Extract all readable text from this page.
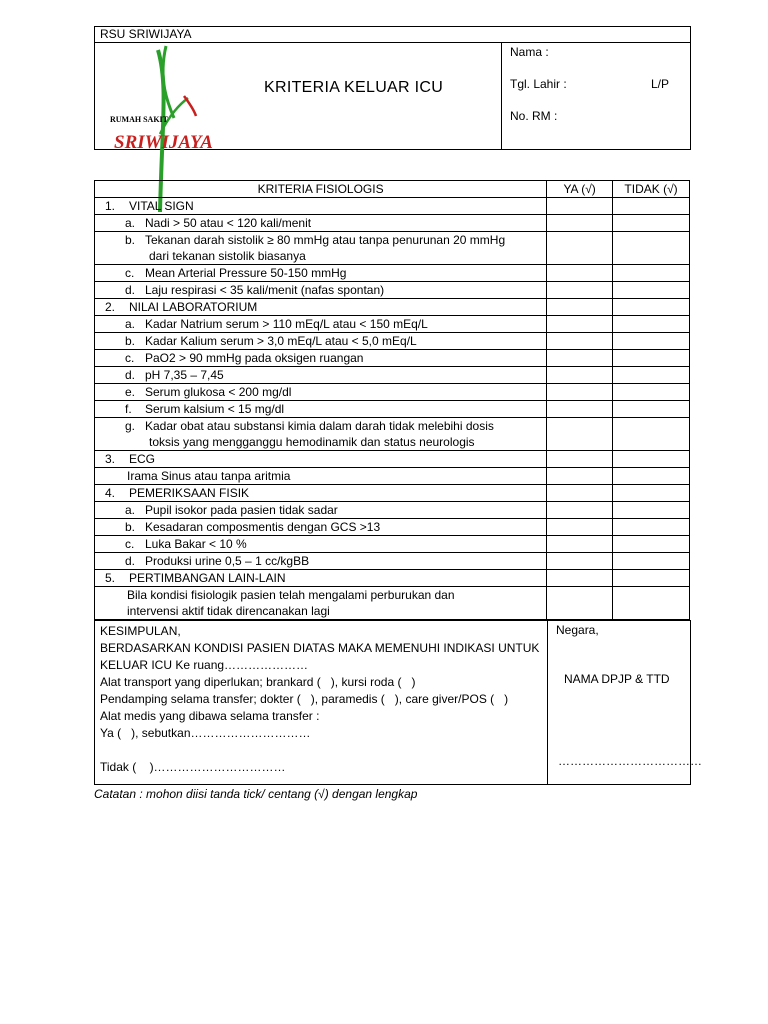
RSU SRIWIJAYA
RUMAH SAKIT
SRIWIJAYA
KRITERIA KELUAR ICU
Nama :
Tgl. Lahir :	L/P
No. RM :
KRITERIA FISIOLOGIS	YA (√)	TIDAK (√)
1. VITAL SIGN		

a. Nadi > 50 atau < 120 kali/menit		

b. Tekanan darah sistolik ≥ 80 mmHg atau tanpa penurunan 20 mmHg
dari tekanan sistolik biasanya		

c. Mean Arterial Pressure 50-150 mmHg		

d. Laju respirasi < 35 kali/menit (nafas spontan)		

2. NILAI LABORATORIUM		

a. Kadar Natrium serum > 110 mEq/L atau < 150 mEq/L		

b. Kadar Kalium serum > 3,0 mEq/L atau < 5,0 mEq/L		

c. PaO2 > 90 mmHg pada oksigen ruangan		

d. pH 7,35 – 7,45		

e. Serum glukosa < 200 mg/dl		

f. Serum kalsium < 15 mg/dl		

g. Kadar obat atau substansi kimia dalam darah tidak melebihi dosis
toksis yang mengganggu hemodinamik dan status neurologis		

3. ECG		

Irama Sinus atau tanpa aritmia		

4. PEMERIKSAAN FISIK		

a. Pupil isokor pada pasien tidak sadar		

b. Kesadaran composmentis dengan GCS >13		

c. Luka Bakar < 10 %		

d. Produksi urine 0,5 – 1 cc/kgBB		

5. PERTIMBANGAN LAIN-LAIN		

Bila kondisi fisiologik pasien telah mengalami perburukan dan
intervensi aktif tidak direncanakan lagi		

KESIMPULAN,
BERDASARKAN KONDISI PASIEN DIATAS MAKA MEMENUHI INDIKASI UNTUK
KELUAR ICU Ke ruang…………………
Alat transport yang diperlukan; brankard (   ), kursi roda (   )
Pendamping selama transfer; dokter (   ), paramedis (   ), care giver/POS (   )
Alat medis yang dibawa selama transfer :
Ya (   ), sebutkan…………………………
Tidak (    )……………………………
Negara,
NAMA DPJP & TTD
………………………………
Catatan : mohon diisi tanda tick/ centang (√) dengan lengkap
